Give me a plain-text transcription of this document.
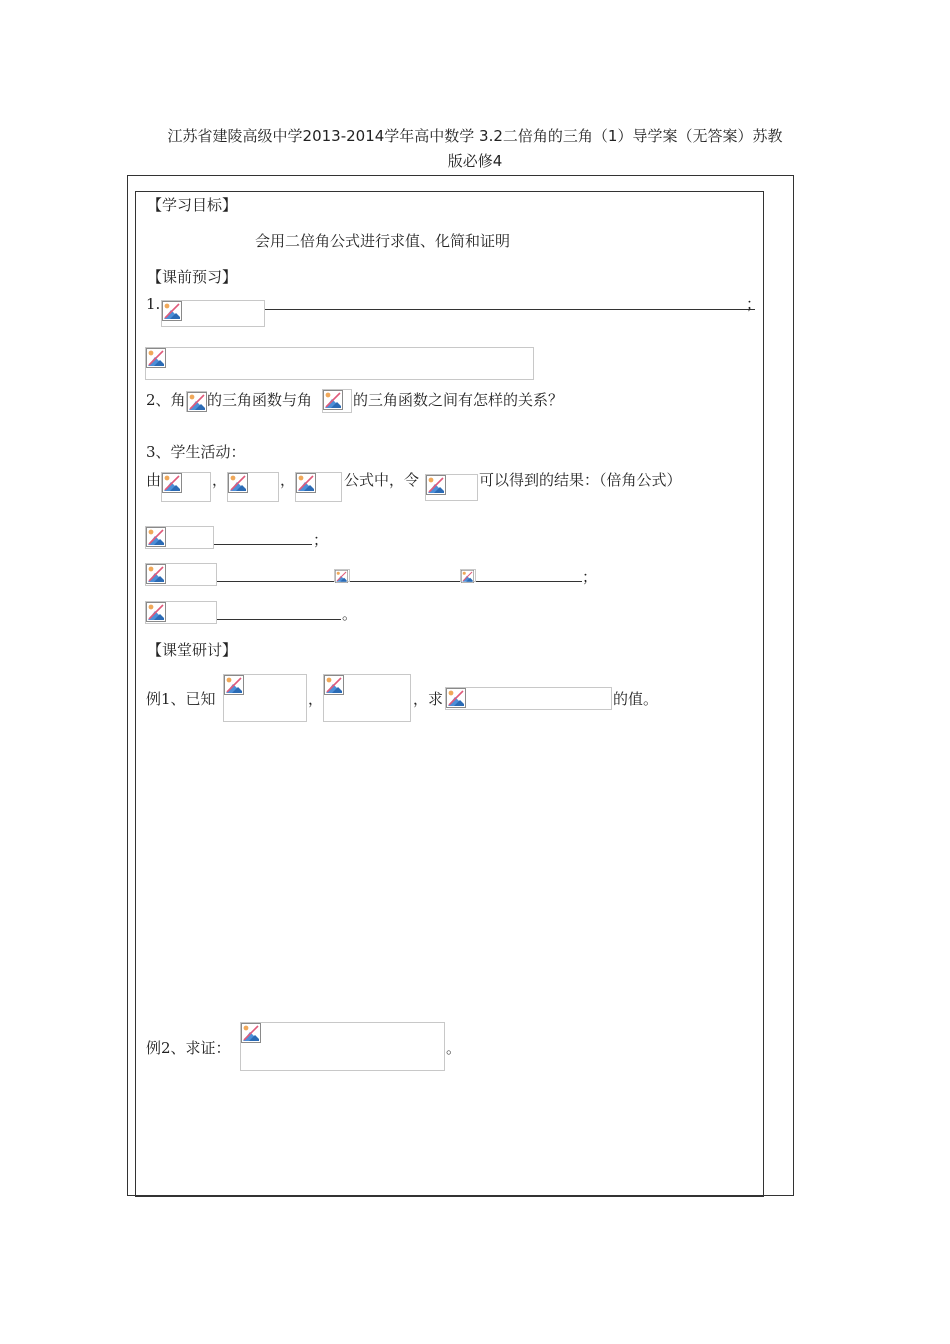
江苏省建陵高级中学2013-2014学年高中数学 3.2二倍角的三角（1）导学案（无答案）苏教
版必修4
【学习目标】
会用二倍角公式进行求值、化简和证明
【课前预习】
1.	；
2、角 的三角函数与角	的三角函数之间有怎样的关系？
3、学生活动：
由	，	，	公式中，令	可以得到的结果：（倍角公式）
；
；
。
【课堂研讨】
例1、已知	，	，求	的值。
例2、求证：	。
